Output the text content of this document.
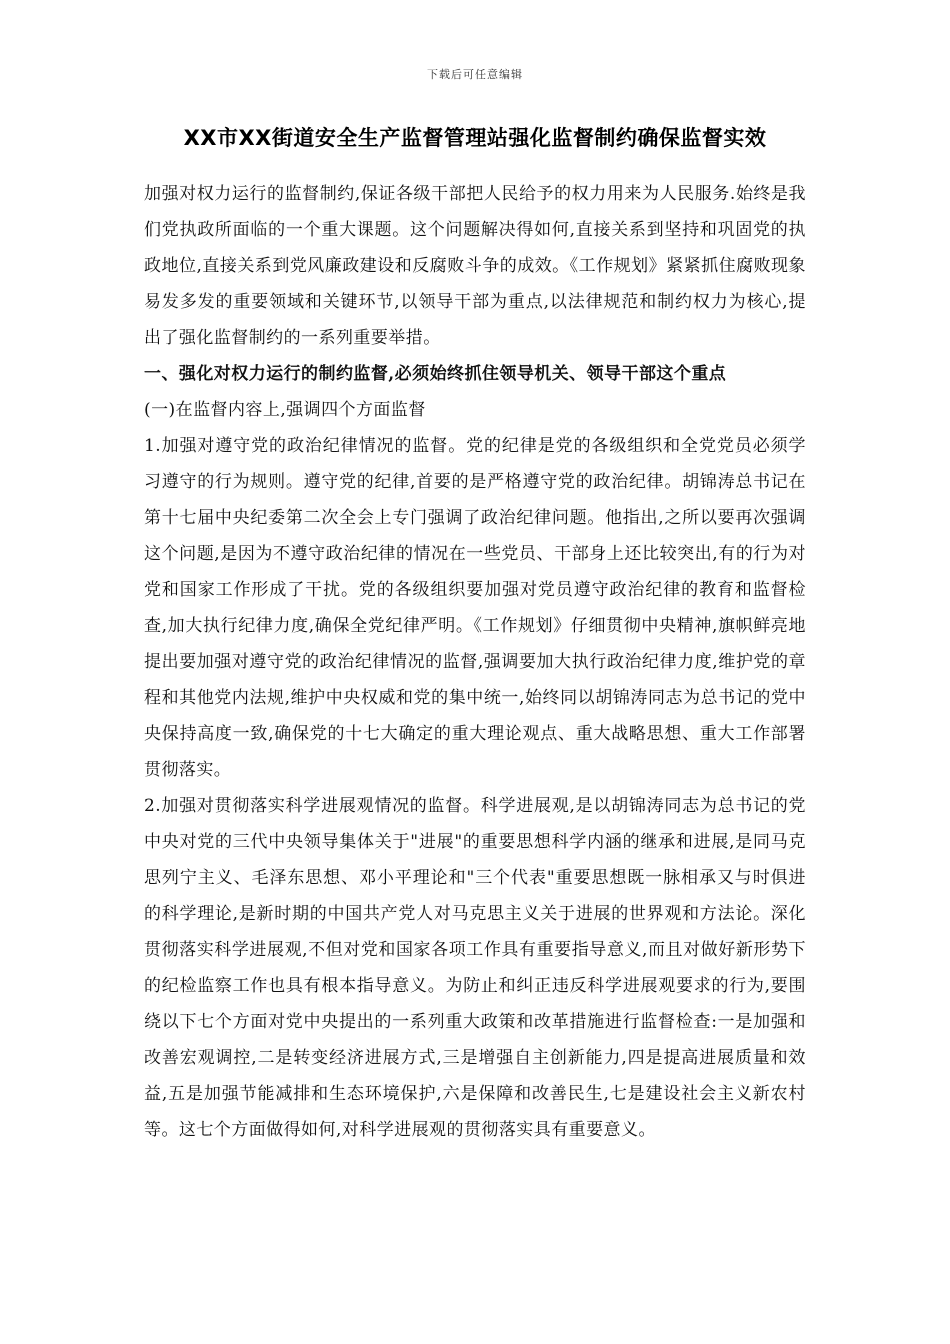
下载后可任意编辑
XX市XX街道安全生产监督管理站强化监督制约确保监督实效

加强对权力运行的监督制约,保证各级干部把人民给予的权力用来为人民服务.始终是我们党执政所面临的一个重大课题。这个问题解决得如何,直接关系到坚持和巩固党的执政地位,直接关系到党风廉政建设和反腐败斗争的成效。《工作规划》紧紧抓住腐败现象易发多发的重要领域和关键环节,以领导干部为重点,以法律规范和制约权力为核心,提出了强化监督制约的一系列重要举措。

一、强化对权力运行的制约监督,必须始终抓住领导机关、领导干部这个重点

(一)在监督内容上,强调四个方面监督

1.加强对遵守党的政治纪律情况的监督。党的纪律是党的各级组织和全党党员必须学习遵守的行为规则。遵守党的纪律,首要的是严格遵守党的政治纪律。胡锦涛总书记在第十七届中央纪委第二次全会上专门强调了政治纪律问题。他指出,之所以要再次强调这个问题,是因为不遵守政治纪律的情况在一些党员、干部身上还比较突出,有的行为对党和国家工作形成了干扰。党的各级组织要加强对党员遵守政治纪律的教育和监督检查,加大执行纪律力度,确保全党纪律严明。《工作规划》仔细贯彻中央精神,旗帜鲜亮地提出要加强对遵守党的政治纪律情况的监督,强调要加大执行政治纪律力度,维护党的章程和其他党内法规,维护中央权威和党的集中统一,始终同以胡锦涛同志为总书记的党中央保持高度一致,确保党的十七大确定的重大理论观点、重大战略思想、重大工作部署贯彻落实。

2.加强对贯彻落实科学进展观情况的监督。科学进展观,是以胡锦涛同志为总书记的党中央对党的三代中央领导集体关于"进展"的重要思想科学内涵的继承和进展,是同马克思列宁主义、毛泽东思想、邓小平理论和"三个代表"重要思想既一脉相承又与时俱进的科学理论,是新时期的中国共产党人对马克思主义关于进展的世界观和方法论。深化贯彻落实科学进展观,不但对党和国家各项工作具有重要指导意义,而且对做好新形势下的纪检监察工作也具有根本指导意义。为防止和纠正违反科学进展观要求的行为,要围绕以下七个方面对党中央提出的一系列重大政策和改革措施进行监督检查:一是加强和改善宏观调控,二是转变经济进展方式,三是增强自主创新能力,四是提高进展质量和效益,五是加强节能减排和生态环境保护,六是保障和改善民生,七是建设社会主义新农村等。这七个方面做得如何,对科学进展观的贯彻落实具有重要意义。
